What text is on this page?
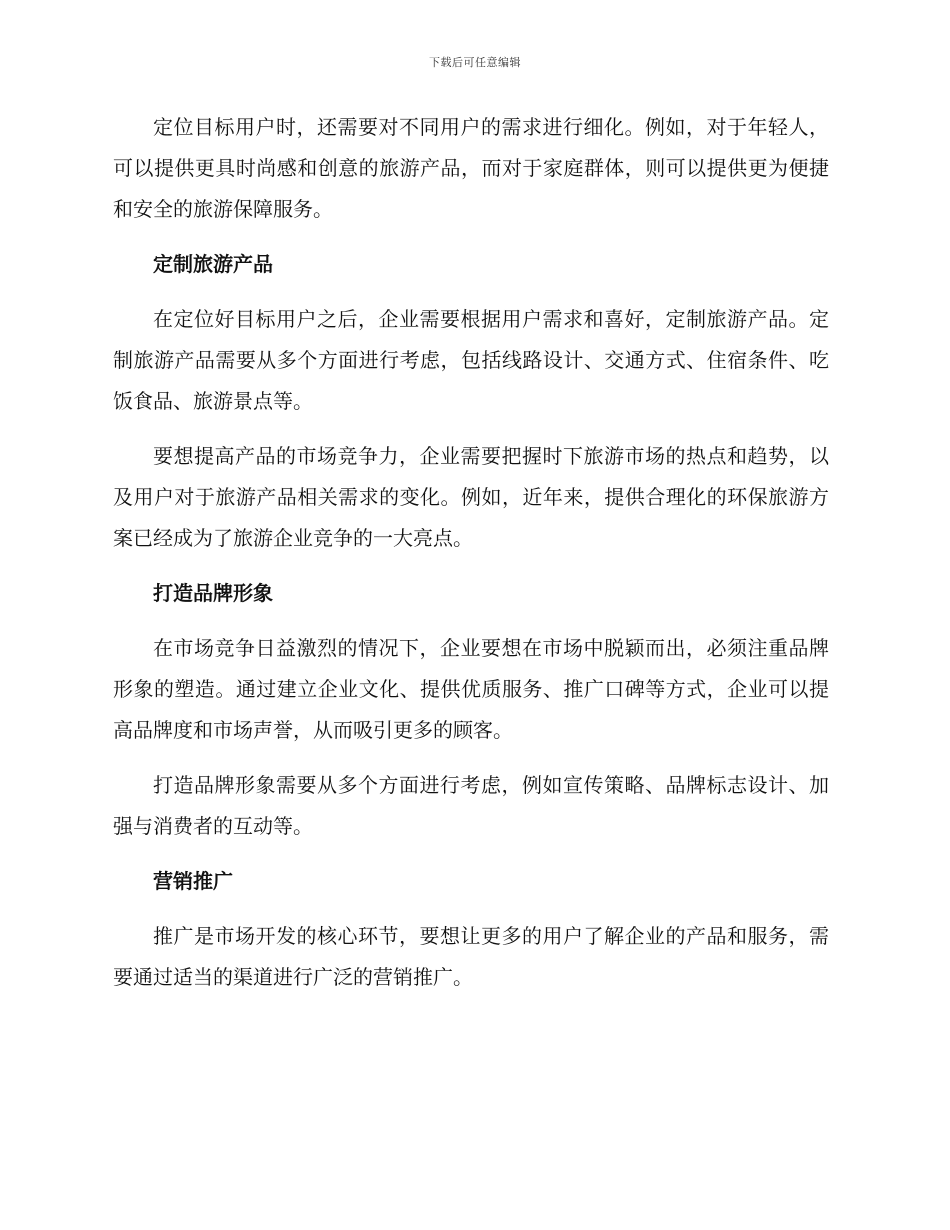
下载后可任意编辑

定位目标用户时，还需要对不同用户的需求进行细化。例如，对于年轻人，可以提供更具时尚感和创意的旅游产品，而对于家庭群体，则可以提供更为便捷和安全的旅游保障服务。

定制旅游产品

在定位好目标用户之后，企业需要根据用户需求和喜好，定制旅游产品。定制旅游产品需要从多个方面进行考虑，包括线路设计、交通方式、住宿条件、吃饭食品、旅游景点等。

要想提高产品的市场竞争力，企业需要把握时下旅游市场的热点和趋势，以及用户对于旅游产品相关需求的变化。例如，近年来，提供合理化的环保旅游方案已经成为了旅游企业竞争的一大亮点。

打造品牌形象

在市场竞争日益激烈的情况下，企业要想在市场中脱颖而出，必须注重品牌形象的塑造。通过建立企业文化、提供优质服务、推广口碑等方式，企业可以提高品牌度和市场声誉，从而吸引更多的顾客。

打造品牌形象需要从多个方面进行考虑，例如宣传策略、品牌标志设计、加强与消费者的互动等。

营销推广

推广是市场开发的核心环节，要想让更多的用户了解企业的产品和服务，需要通过适当的渠道进行广泛的营销推广。
